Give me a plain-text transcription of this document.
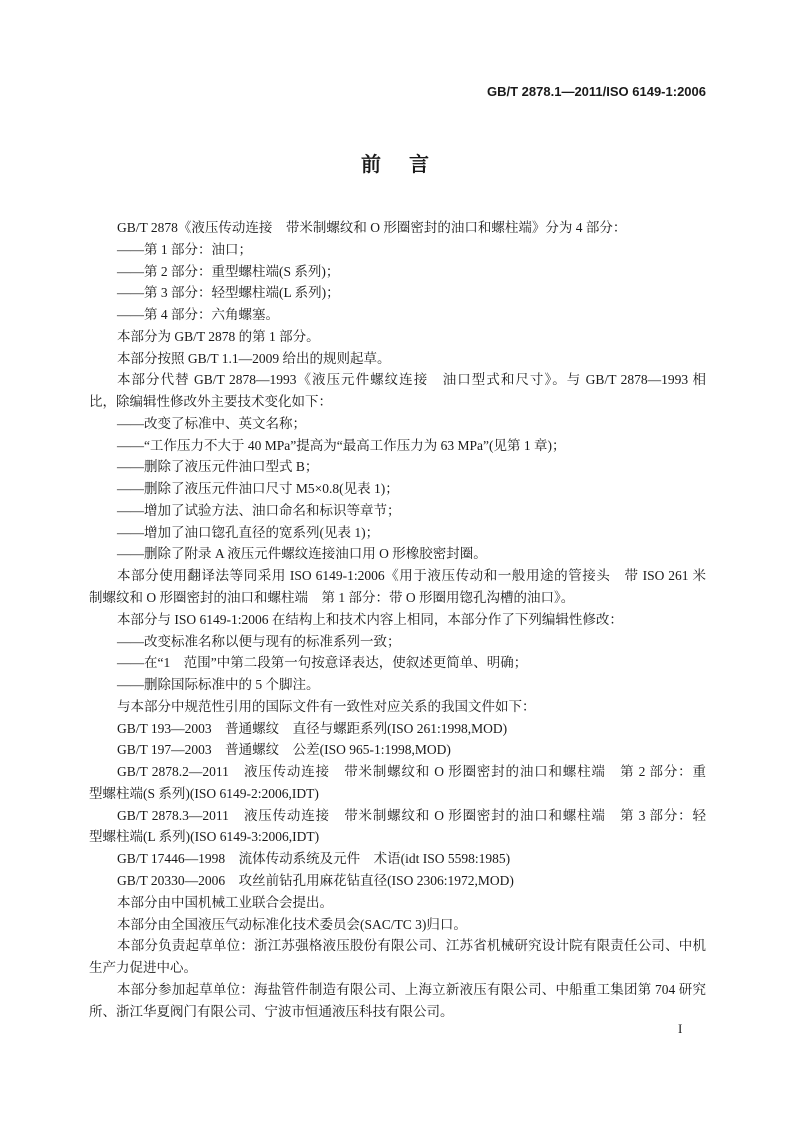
GB/T 2878.1—2011/ISO 6149-1:2006
前　言
GB/T 2878《液压传动连接　带米制螺纹和 O 形圈密封的油口和螺柱端》分为 4 部分：
——第 1 部分：油口；
——第 2 部分：重型螺柱端(S 系列)；
——第 3 部分：轻型螺柱端(L 系列)；
——第 4 部分：六角螺塞。
本部分为 GB/T 2878 的第 1 部分。
本部分按照 GB/T 1.1—2009 给出的规则起草。
本部分代替 GB/T 2878—1993《液压元件螺纹连接　油口型式和尺寸》。与 GB/T 2878—1993 相
比，除编辑性修改外主要技术变化如下：
——改变了标准中、英文名称；
——“工作压力不大于 40 MPa”提高为“最高工作压力为 63 MPa”(见第 1 章)；
——删除了液压元件油口型式 B；
——删除了液压元件油口尺寸 M5×0.8(见表 1)；
——增加了试验方法、油口命名和标识等章节；
——增加了油口锪孔直径的宽系列(见表 1)；
——删除了附录 A 液压元件螺纹连接油口用 O 形橡胶密封圈。
本部分使用翻译法等同采用 ISO 6149-1:2006《用于液压传动和一般用途的管接头　带 ISO 261 米
制螺纹和 O 形圈密封的油口和螺柱端　第 1 部分：带 O 形圈用锪孔沟槽的油口》。
本部分与 ISO 6149-1:2006 在结构上和技术内容上相同，本部分作了下列编辑性修改：
——改变标准名称以便与现有的标准系列一致；
——在“1　范围”中第二段第一句按意译表达，使叙述更简单、明确；
——删除国际标准中的 5 个脚注。
与本部分中规范性引用的国际文件有一致性对应关系的我国文件如下：
GB/T 193—2003　普通螺纹　直径与螺距系列(ISO 261:1998,MOD)
GB/T 197—2003　普通螺纹　公差(ISO 965-1:1998,MOD)
GB/T 2878.2—2011　液压传动连接　带米制螺纹和 O 形圈密封的油口和螺柱端　第 2 部分：重
型螺柱端(S 系列)(ISO 6149-2:2006,IDT)
GB/T 2878.3—2011　液压传动连接　带米制螺纹和 O 形圈密封的油口和螺柱端　第 3 部分：轻
型螺柱端(L 系列)(ISO 6149-3:2006,IDT)
GB/T 17446—1998　流体传动系统及元件　术语(idt ISO 5598:1985)
GB/T 20330—2006　攻丝前钻孔用麻花钻直径(ISO 2306:1972,MOD)
本部分由中国机械工业联合会提出。
本部分由全国液压气动标准化技术委员会(SAC/TC 3)归口。
本部分负责起草单位：浙江苏强格液压股份有限公司、江苏省机械研究设计院有限责任公司、中机
生产力促进中心。
本部分参加起草单位：海盐管件制造有限公司、上海立新液压有限公司、中船重工集团第 704 研究
所、浙江华夏阀门有限公司、宁波市恒通液压科技有限公司。
I
